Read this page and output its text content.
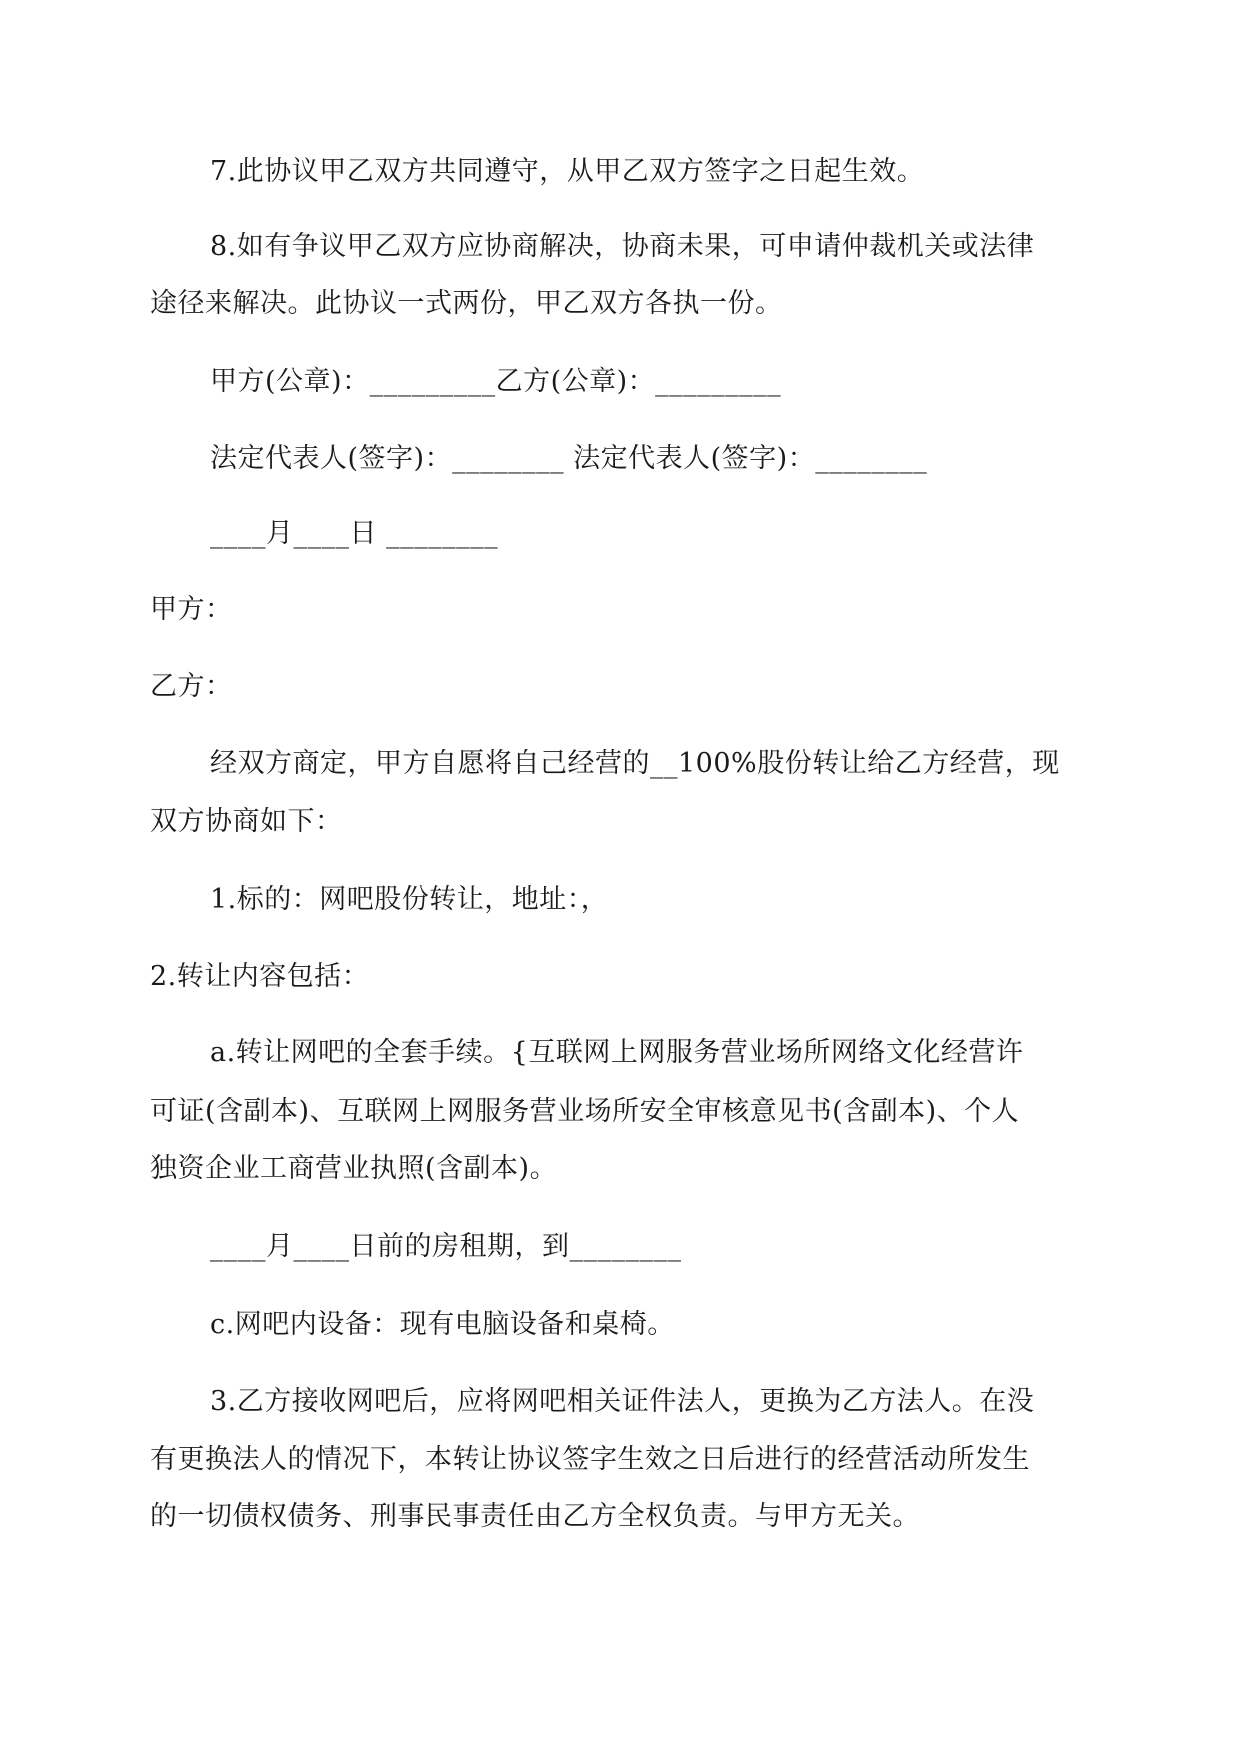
7.此协议甲乙双方共同遵守，从甲乙双方签字之日起生效。
8.如有争议甲乙双方应协商解决，协商未果，可申请仲裁机关或法律
途径来解决。此协议一式两份，甲乙双方各执一份。
甲方(公章)：_________乙方(公章)：_________
法定代表人(签字)：________ 法定代表人(签字)：________
____月____日 ________
甲方：
乙方：
经双方商定，甲方自愿将自己经营的__100%股份转让给乙方经营，现
双方协商如下：
1.标的：网吧股份转让，地址：，
2.转让内容包括：
a.转让网吧的全套手续。{互联网上网服务营业场所网络文化经营许
可证(含副本)、互联网上网服务营业场所安全审核意见书(含副本)、个人
独资企业工商营业执照(含副本)。
____月____日前的房租期，到________
c.网吧内设备：现有电脑设备和桌椅。
3.乙方接收网吧后，应将网吧相关证件法人，更换为乙方法人。在没
有更换法人的情况下，本转让协议签字生效之日后进行的经营活动所发生
的一切债权债务、刑事民事责任由乙方全权负责。与甲方无关。
